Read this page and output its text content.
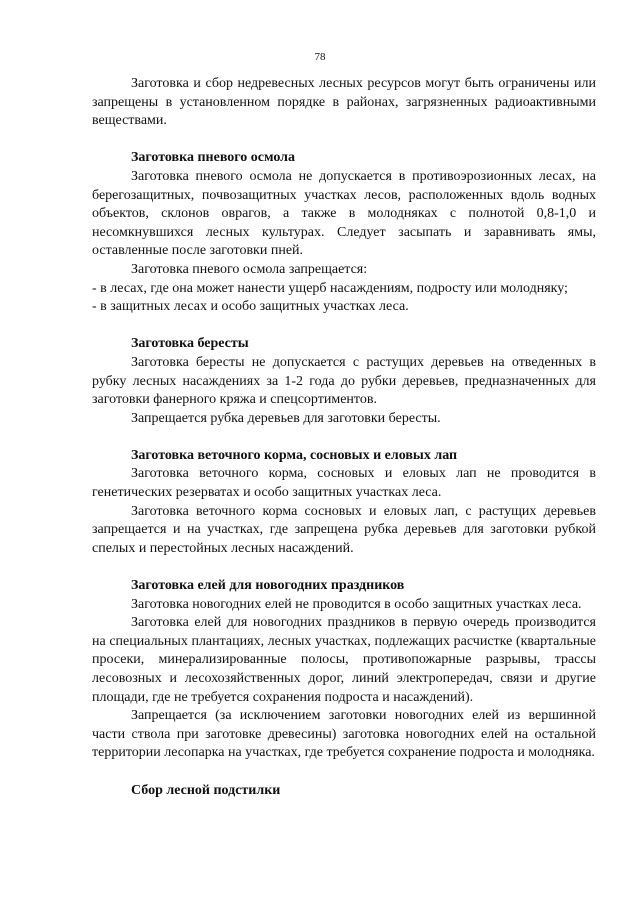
78

Заготовка и сбор недревесных лесных ресурсов могут быть ограничены или запрещены в установленном порядке в районах, загрязненных радиоактивными веществами.

Заготовка пневого осмола

Заготовка пневого осмола не допускается в противоэрозионных лесах, на берегозащитных, почвозащитных участках лесов, расположенных вдоль водных объектов, склонов оврагов, а также в молодняках с полнотой 0,8-1,0 и несомкнувшихся лесных культурах. Следует засыпать и заравнивать ямы, оставленные после заготовки пней.

Заготовка пневого осмола запрещается:

- в лесах, где она может нанести ущерб насаждениям, подросту или молодняку;

- в защитных лесах и особо защитных участках леса.

Заготовка бересты

Заготовка бересты не допускается с растущих деревьев на отведенных в рубку лесных насаждениях за 1-2 года до рубки деревьев, предназначенных для заготовки фанерного кряжа и спецсортиментов.

Запрещается рубка деревьев для заготовки бересты.

Заготовка веточного корма, сосновых и еловых лап

Заготовка веточного корма, сосновых и еловых лап не проводится в генетических резерватах и особо защитных участках леса.

Заготовка веточного корма сосновых и еловых лап, с растущих деревьев запрещается и на участках, где запрещена рубка деревьев для заготовки рубкой спелых и перестойных лесных насаждений.

Заготовка елей для новогодних праздников

Заготовка новогодних елей не проводится в особо защитных участках леса.

Заготовка елей для новогодних праздников в первую очередь производится на специальных плантациях, лесных участках, подлежащих расчистке (квартальные просеки, минерализированные полосы, противопожарные разрывы, трассы лесовозных и лесохозяйственных дорог, линий электропередач, связи и другие площади, где не требуется сохранения подроста и насаждений).

Запрещается (за исключением заготовки новогодних елей из вершинной части ствола при заготовке древесины) заготовка новогодних елей на остальной территории лесопарка на участках, где требуется сохранение подроста и молодняка.

Сбор лесной подстилки
